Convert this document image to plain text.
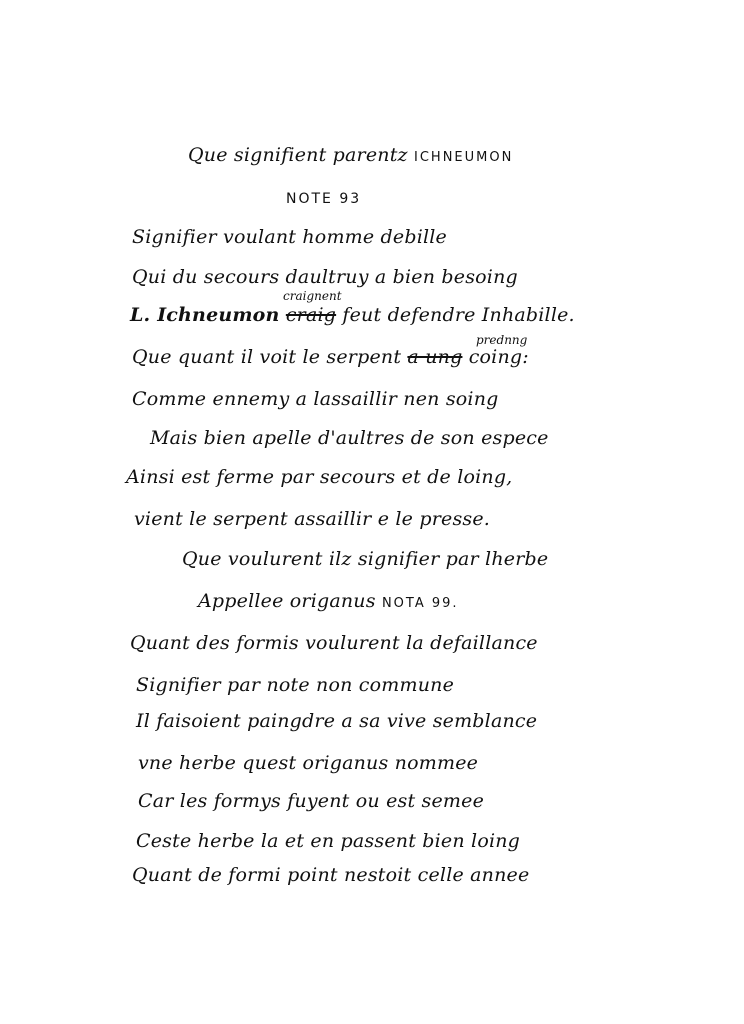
Que signifient parentz ICHNEUMON
NOTE 93
Signifier voulant homme debille
Qui du secours daultruy a bien besoing
craignent
L. Ichneumon craig feut defendre Inhabille.
prednng
Que quant il voit le serpent a ung coing:
Comme ennemy a lassaillir nen soing
Mais bien apelle d'aultres de son espece
Ainsi est ferme par secours et de loing,
vient le serpent assaillir e le presse.
Que voulurent ilz signifier par lherbe
Appellee origanus NOTA 99.
Quant des formis voulurent la defaillance
Signifier par note non commune
Il faisoient paingdre a sa vive semblance
vne herbe quest origanus nommee
Car les formys fuyent ou est semee
Ceste herbe la et en passent bien loing
Quant de formi point nestoit celle annee
